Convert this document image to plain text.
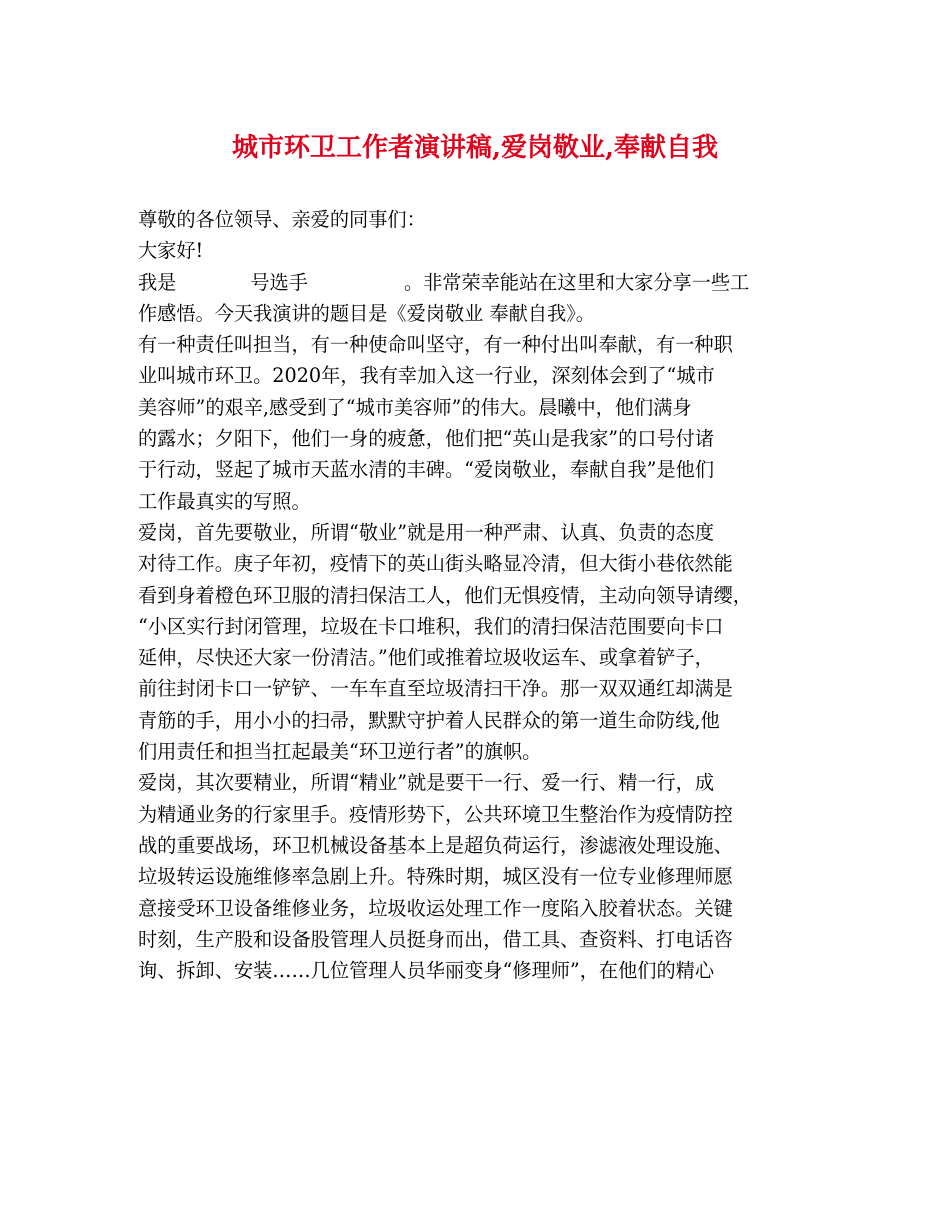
城市环卫工作者演讲稿,爱岗敬业,奉献自我
尊敬的各位领导、亲爱的同事们：
大家好!
我是	号选手	。非常荣幸能站在这里和大家分享一些工
作感悟。今天我演讲的题目是《爱岗敬业 奉献自我》。
有一种责任叫担当，有一种使命叫坚守，有一种付出叫奉献，有一种职
业叫城市环卫。2020年，我有幸加入这一行业，深刻体会到了“城市
美容师”的艰辛,感受到了“城市美容师”的伟大。晨曦中，他们满身
的露水；夕阳下，他们一身的疲惫，他们把“英山是我家”的口号付诸
于行动，竖起了城市天蓝水清的丰碑。“爱岗敬业，奉献自我”是他们
工作最真实的写照。
爱岗，首先要敬业，所谓“敬业”就是用一种严肃、认真、负责的态度
对待工作。庚子年初，疫情下的英山街头略显冷清，但大街小巷依然能
看到身着橙色环卫服的清扫保洁工人，他们无惧疫情，主动向领导请缨，
“小区实行封闭管理，垃圾在卡口堆积，我们的清扫保洁范围要向卡口
延伸，尽快还大家一份清洁。”他们或推着垃圾收运车、或拿着铲子，
前往封闭卡口一铲铲、一车车直至垃圾清扫干净。那一双双通红却满是
青筋的手，用小小的扫帚，默默守护着人民群众的第一道生命防线,他
们用责任和担当扛起最美“环卫逆行者”的旗帜。
爱岗，其次要精业，所谓“精业”就是要干一行、爱一行、精一行，成
为精通业务的行家里手。疫情形势下，公共环境卫生整治作为疫情防控
战的重要战场，环卫机械设备基本上是超负荷运行，渗滤液处理设施、
垃圾转运设施维修率急剧上升。特殊时期，城区没有一位专业修理师愿
意接受环卫设备维修业务，垃圾收运处理工作一度陷入胶着状态。关键
时刻，生产股和设备股管理人员挺身而出，借工具、查资料、打电话咨
询、拆卸、安装……几位管理人员华丽变身“修理师”，在他们的精心
